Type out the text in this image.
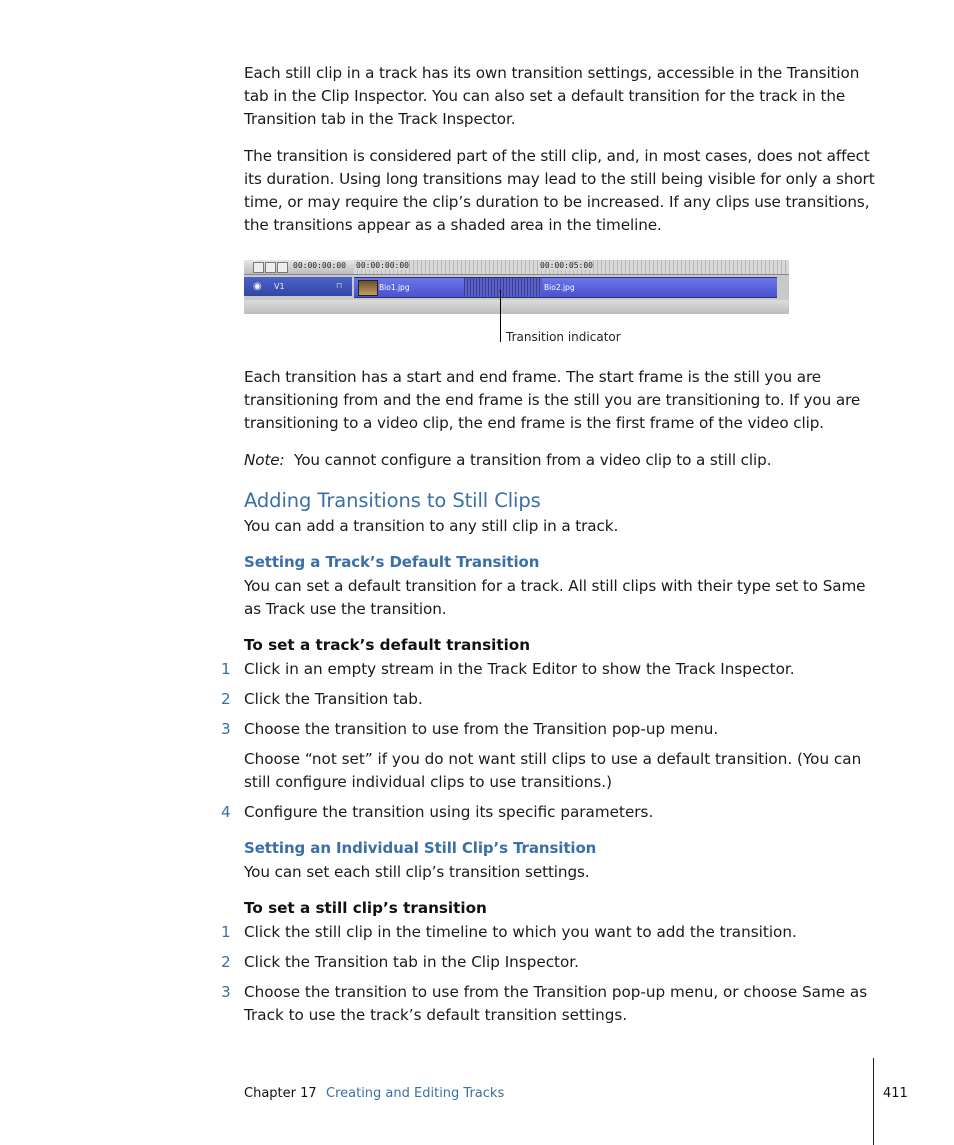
Each still clip in a track has its own transition settings, accessible in the Transition tab in the Clip Inspector. You can also set a default transition for the track in the Transition tab in the Track Inspector.

The transition is considered part of the still clip, and, in most cases, does not affect its duration. Using long transitions may lead to the still being visible for only a short time, or may require the clip’s duration to be increased. If any clips use transitions, the transitions appear as a shaded area in the timeline.

00:00:00:00 00:00:00:00	00:00:05:00
◉ V1	⊓	Bio1.jpg	Bio2.jpg
Transition indicator

Each transition has a start and end frame. The start frame is the still you are transitioning from and the end frame is the still you are transitioning to. If you are transitioning to a video clip, the end frame is the first frame of the video clip.

Note: You cannot configure a transition from a video clip to a still clip.

Adding Transitions to Still Clips

You can add a transition to any still clip in a track.

Setting a Track’s Default Transition

You can set a default transition for a track. All still clips with their type set to Same as Track use the transition.

To set a track’s default transition

1 Click in an empty stream in the Track Editor to show the Track Inspector.
2 Click the Transition tab.
3 Choose the transition to use from the Transition pop-up menu.
Choose “not set” if you do not want still clips to use a default transition. (You can still configure individual clips to use transitions.)
4 Configure the transition using its specific parameters.
Setting an Individual Still Clip’s Transition

You can set each still clip’s transition settings.

To set a still clip’s transition

1 Click the still clip in the timeline to which you want to add the transition.
2 Click the Transition tab in the Clip Inspector.
3 Choose the transition to use from the Transition pop-up menu, or choose Same as Track to use the track’s default transition settings.
Chapter 17 Creating and Editing Tracks	411
